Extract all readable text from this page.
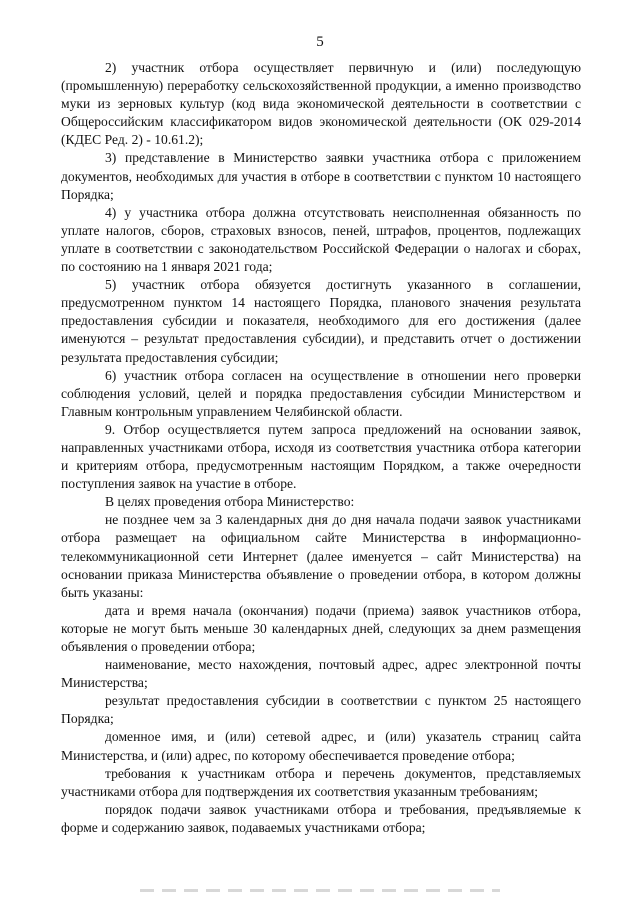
5

2) участник отбора осуществляет первичную и (или) последующую (промышленную) переработку сельскохозяйственной продукции, а именно производство муки из зерновых культур (код вида экономической деятельности в соответствии с Общероссийским классификатором видов экономической деятельности (ОК 029-2014 (КДЕС Ред. 2) - 10.61.2);

3) представление в Министерство заявки участника отбора с приложением документов, необходимых для участия в отборе в соответствии с пунктом 10 настоящего Порядка;

4) у участника отбора должна отсутствовать неисполненная обязанность по уплате налогов, сборов, страховых взносов, пеней, штрафов, процентов, подлежащих уплате в соответствии с законодательством Российской Федерации о налогах и сборах, по состоянию на 1 января 2021 года;

5) участник отбора обязуется достигнуть указанного в соглашении, предусмотренном пунктом 14 настоящего Порядка, планового значения результата предоставления субсидии и показателя, необходимого для его достижения (далее именуются – результат предоставления субсидии), и представить отчет о достижении результата предоставления субсидии;

6) участник отбора согласен на осуществление в отношении него проверки соблюдения условий, целей и порядка предоставления субсидии Министерством и Главным контрольным управлением Челябинской области.

9. Отбор осуществляется путем запроса предложений на основании заявок, направленных участниками отбора, исходя из соответствия участника отбора категории и критериям отбора, предусмотренным настоящим Порядком, а также очередности поступления заявок на участие в отборе.

В целях проведения отбора Министерство:

не позднее чем за 3 календарных дня до дня начала подачи заявок участниками отбора размещает на официальном сайте Министерства в информационно-телекоммуникационной сети Интернет (далее именуется – сайт Министерства) на основании приказа Министерства объявление о проведении отбора, в котором должны быть указаны:

дата и время начала (окончания) подачи (приема) заявок участников отбора, которые не могут быть меньше 30 календарных дней, следующих за днем размещения объявления о проведении отбора;

наименование, место нахождения, почтовый адрес, адрес электронной почты Министерства;

результат предоставления субсидии в соответствии с пунктом 25 настоящего Порядка;

доменное имя, и (или) сетевой адрес, и (или) указатель страниц сайта Министерства, и (или) адрес, по которому обеспечивается проведение отбора;

требования к участникам отбора и перечень документов, представляемых участниками отбора для подтверждения их соответствия указанным требованиям;

порядок подачи заявок участниками отбора и требования, предъявляемые к форме и содержанию заявок, подаваемых участниками отбора;
